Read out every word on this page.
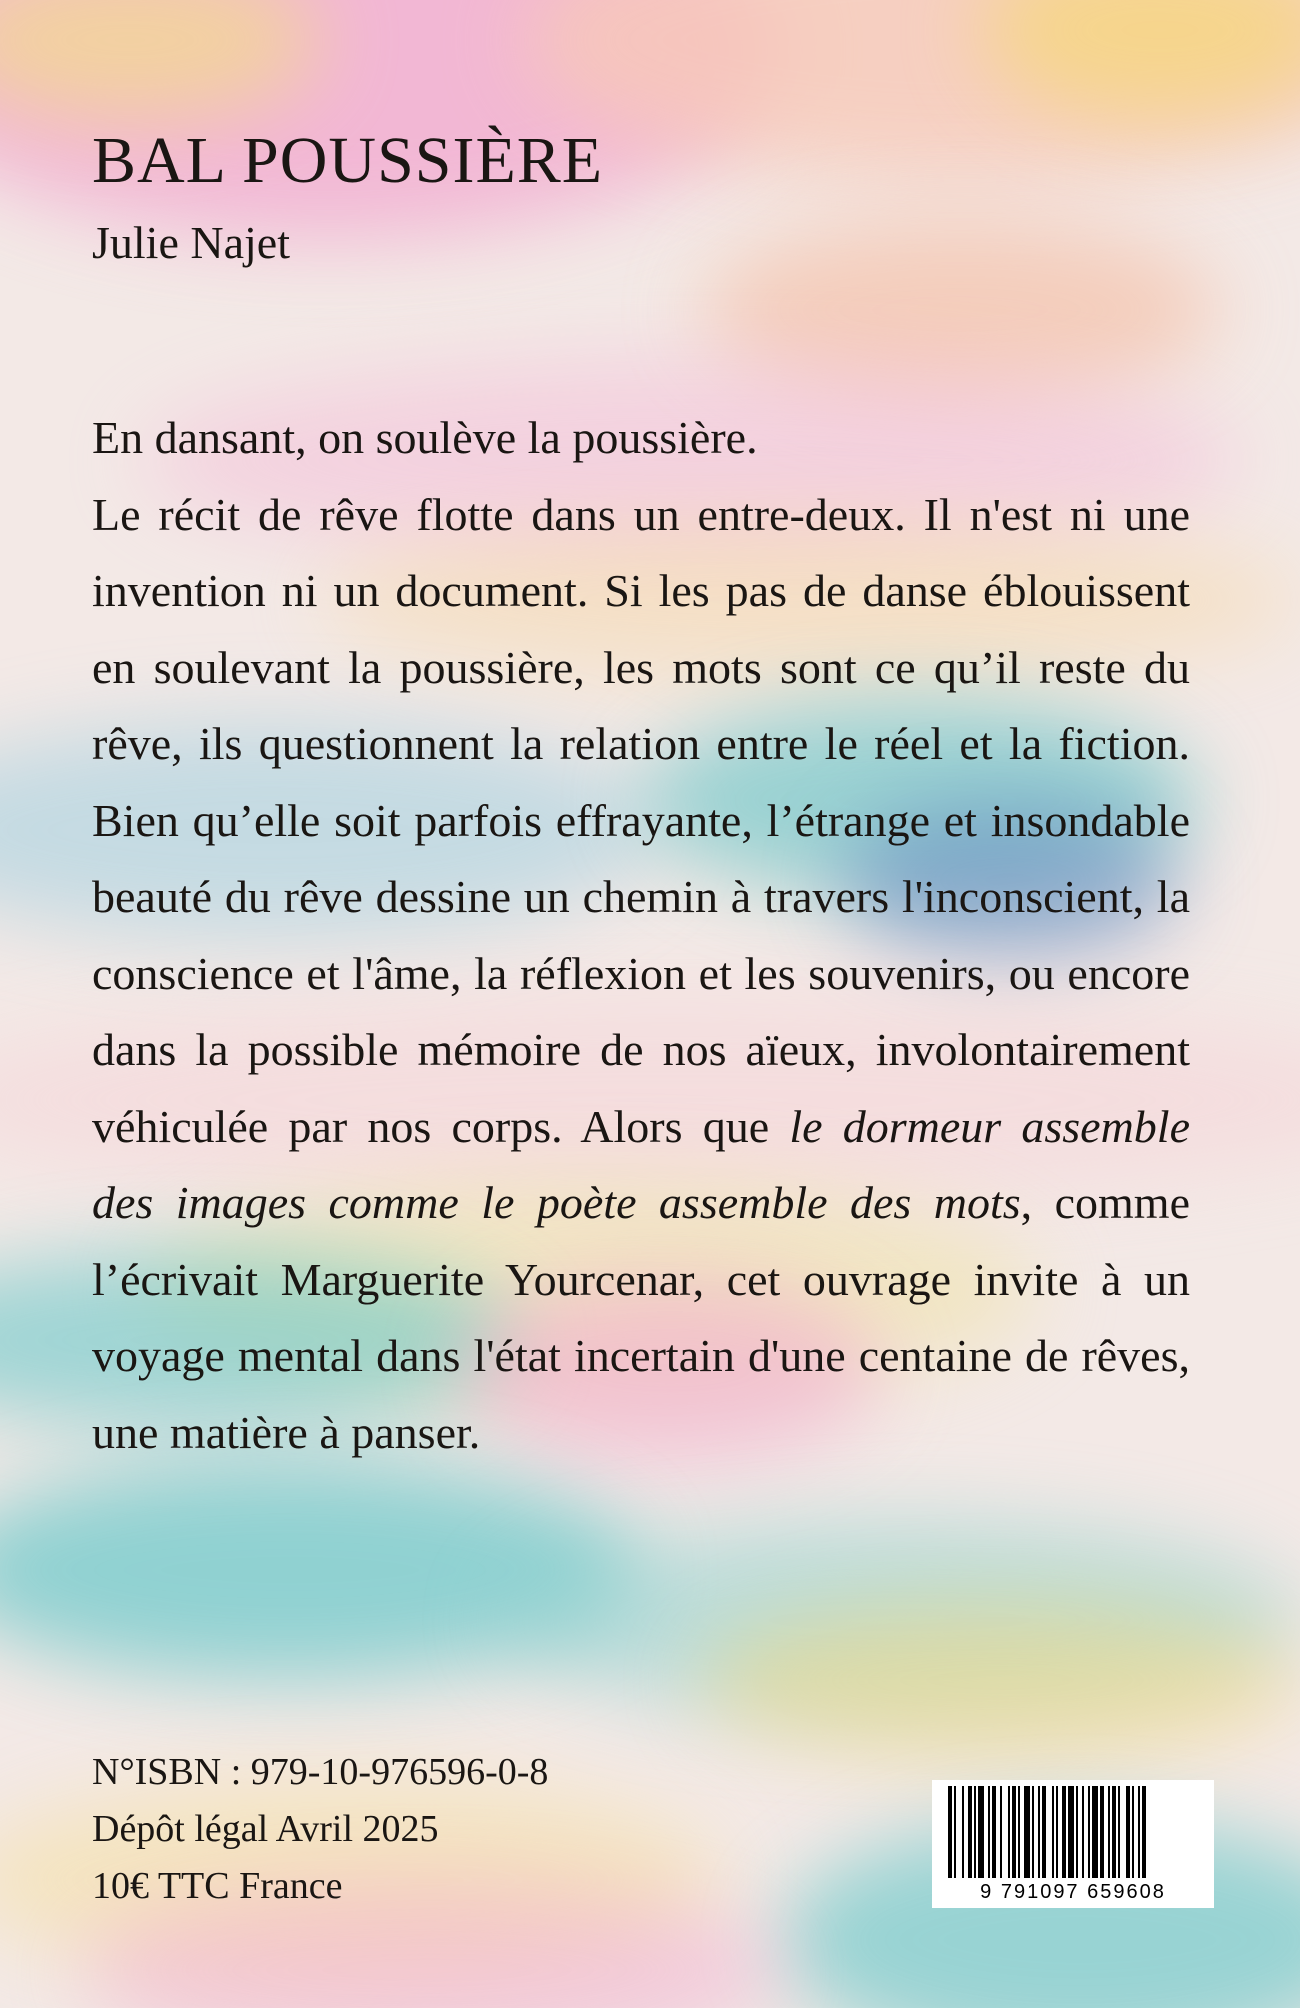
BAL POUSSIÈRE
Julie Najet

En dansant, on soulève la poussière.

Le récit de rêve flotte dans un entre-deux. Il n'est ni une invention ni un document. Si les pas de danse éblouissent en soulevant la poussière, les mots sont ce qu’il reste du rêve, ils questionnent la relation entre le réel et la fiction. Bien qu’elle soit parfois effrayante, l’étrange et insondable beauté du rêve dessine un chemin à travers l'inconscient, la conscience et l'âme, la réflexion et les souvenirs, ou encore dans la possible mémoire de nos aïeux, involontairement véhiculée par nos corps. Alors que le dormeur assemble des images comme le poète assemble des mots, comme l’écrivait Marguerite Yourcenar, cet ouvrage invite à un voyage mental dans l'état incertain d'une centaine de rêves, une matière à panser.

N°ISBN : 979-10-976596-0-8
Dépôt légal Avril 2025
10€ TTC France	9 791097 659608
